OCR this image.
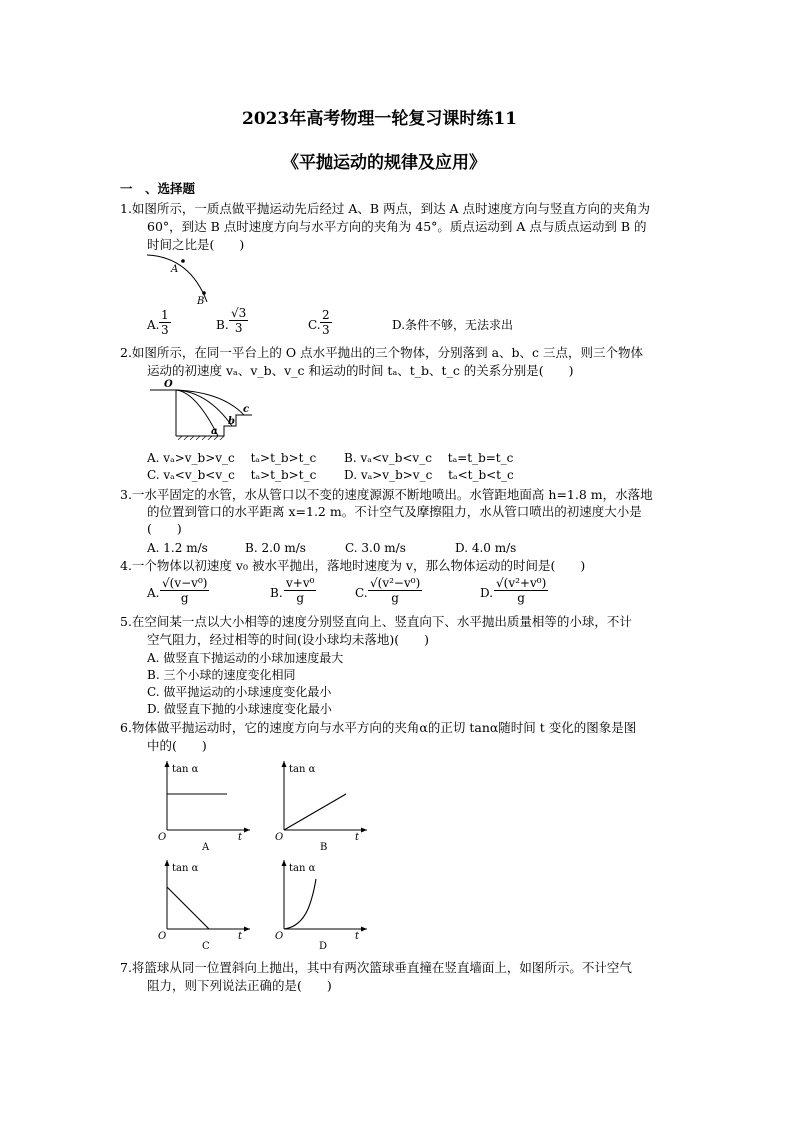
2023年高考物理一轮复习课时练11
《平抛运动的规律及应用》
一　、选择题
1.如图所示，一质点做平抛运动先后经过 A、B 两点，到达 A 点时速度方向与竖直方向的夹角为
60°，到达 B 点时速度方向与水平方向的夹角为 45°。质点运动到 A 点与质点运动到 B 的
时间之比是(　　)
A
B
A. $\frac{1}{3}$	B. $\frac{√3}{3}$	C. $\frac{2}{3}$	D.条件不够，无法求出
2.如图所示，在同一平台上的 O 点水平抛出的三个物体，分别落到 a、b、c 三点，则三个物体
运动的初速度 vₐ、v_b、v_c 和运动的时间 tₐ、t_b、t_c 的关系分别是(　　)
O
a
b
c
A. vₐ>v_b>v_c　 tₐ>t_b>t_c B. vₐ<v_b<v_c　 tₐ=t_b=t_c
C. vₐ<v_b<v_c　 tₐ>t_b>t_c D. vₐ>v_b>v_c　 tₐ<t_b<t_c
3.一水平固定的水管，水从管口以不变的速度源源不断地喷出。水管距地面高 h=1.8 m，水落地
的位置到管口的水平距离 x=1.2 m。不计空气及摩擦阻力，水从管口喷出的初速度大小是
(　　)
A. 1.2 m/s	B. 2.0 m/s	C. 3.0 m/s	D. 4.0 m/s
4.一个物体以初速度 v₀ 被水平抛出，落地时速度为 v，那么物体运动的时间是(　　)
A. $\frac{\text{√(v−v⁰)}}{g}$	B. $\frac{\text{v+v⁰}}{g}$	C. $\frac{\text{√(v²−v⁰)}}{g}$	D. $\frac{\text{√(v²+v⁰)}}{g}$
5.在空间某一点以大小相等的速度分别竖直向上、竖直向下、水平抛出质量相等的小球，不计
空气阻力，经过相等的时间(设小球均未落地)(　　)
A. 做竖直下抛运动的小球加速度最大
B. 三个小球的速度变化相同
C. 做平抛运动的小球速度变化最小
D. 做竖直下抛的小球速度变化最小
6.物体做平抛运动时，它的速度方向与水平方向的夹角α的正切 tanα随时间 t 变化的图象是图
中的(　　)
tan α
t
O
A
tan α
t
O
B
tan α
t
O
C
tan α
t
O
D
7.将篮球从同一位置斜向上抛出，其中有两次篮球垂直撞在竖直墙面上，如图所示。不计空气
阻力，则下列说法正确的是(　　)
